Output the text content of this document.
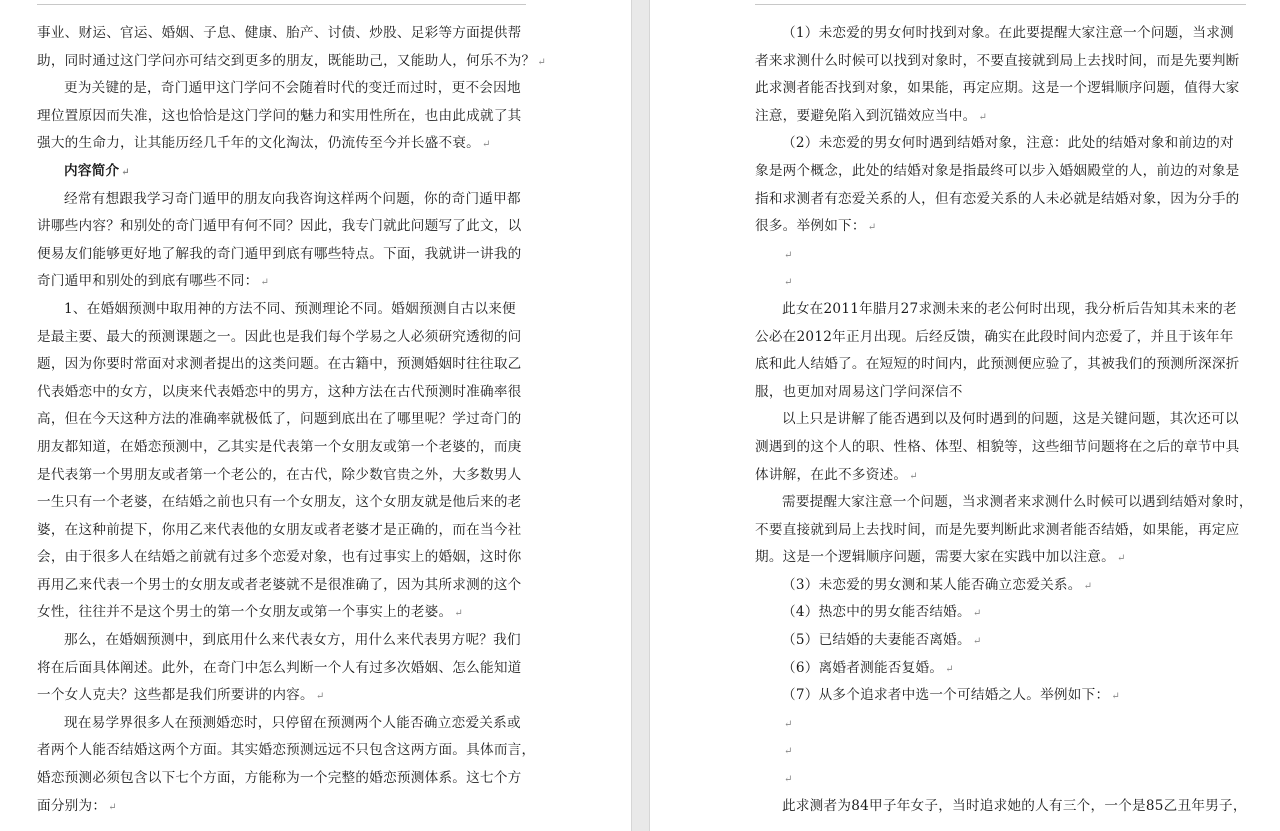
事业、财运、官运、婚姻、子息、健康、胎产、讨债、炒股、足彩等方面提供帮
助，同时通过这门学问亦可结交到更多的朋友，既能助己，又能助人，何乐不为？ ↵
更为关键的是，奇门遁甲这门学问不会随着时代的变迁而过时，更不会因地
理位置原因而失准，这也恰恰是这门学问的魅力和实用性所在，也由此成就了其
强大的生命力，让其能历经几千年的文化淘汰，仍流传至今并长盛不衰。 ↵
内容简介 ↵
经常有想跟我学习奇门遁甲的朋友向我咨询这样两个问题，你的奇门遁甲都
讲哪些内容？和别处的奇门遁甲有何不同？因此，我专门就此问题写了此文，以
便易友们能够更好地了解我的奇门遁甲到底有哪些特点。下面，我就讲一讲我的
奇门遁甲和别处的到底有哪些不同： ↵
1、在婚姻预测中取用神的方法不同、预测理论不同。婚姻预测自古以来便
是最主要、最大的预测课题之一。因此也是我们每个学易之人必须研究透彻的问
题，因为你要时常面对求测者提出的这类问题。在古籍中，预测婚姻时往往取乙
代表婚恋中的女方，以庚来代表婚恋中的男方，这种方法在古代预测时准确率很
高，但在今天这种方法的准确率就极低了，问题到底出在了哪里呢？学过奇门的
朋友都知道，在婚恋预测中，乙其实是代表第一个女朋友或第一个老婆的，而庚
是代表第一个男朋友或者第一个老公的，在古代，除少数官贵之外，大多数男人
一生只有一个老婆，在结婚之前也只有一个女朋友，这个女朋友就是他后来的老
婆，在这种前提下，你用乙来代表他的女朋友或者老婆才是正确的，而在当今社
会，由于很多人在结婚之前就有过多个恋爱对象，也有过事实上的婚姻，这时你
再用乙来代表一个男士的女朋友或者老婆就不是很准确了，因为其所求测的这个
女性，往往并不是这个男士的第一个女朋友或第一个事实上的老婆。 ↵
那么，在婚姻预测中，到底用什么来代表女方，用什么来代表男方呢？我们
将在后面具体阐述。此外，在奇门中怎么判断一个人有过多次婚姻、怎么能知道
一个女人克夫？这些都是我们所要讲的内容。 ↵
现在易学界很多人在预测婚恋时，只停留在预测两个人能否确立恋爱关系或
者两个人能否结婚这两个方面。其实婚恋预测远远不只包含这两方面。具体而言，
婚恋预测必须包含以下七个方面，方能称为一个完整的婚恋预测体系。这七个方
面分别为： ↵
（1）未恋爱的男女何时找到对象。在此要提醒大家注意一个问题，当求测
者来求测什么时候可以找到对象时，不要直接就到局上去找时间，而是先要判断
此求测者能否找到对象，如果能，再定应期。这是一个逻辑顺序问题，值得大家
注意，要避免陷入到沉锚效应当中。 ↵
（2）未恋爱的男女何时遇到结婚对象，注意：此处的结婚对象和前边的对
象是两个概念，此处的结婚对象是指最终可以步入婚姻殿堂的人，前边的对象是
指和求测者有恋爱关系的人，但有恋爱关系的人未必就是结婚对象，因为分手的
很多。举例如下： ↵
↵
↵
此女在2011年腊月27求测未来的老公何时出现，我分析后告知其未来的老
公必在2012年正月出现。后经反馈，确实在此段时间内恋爱了，并且于该年年
底和此人结婚了。在短短的时间内，此预测便应验了，其被我们的预测所深深折
服，也更加对周易这门学问深信不
以上只是讲解了能否遇到以及何时遇到的问题，这是关键问题，其次还可以
测遇到的这个人的职、性格、体型、相貌等，这些细节问题将在之后的章节中具
体讲解，在此不多资述。 ↵
需要提醒大家注意一个问题，当求测者来求测什么时候可以遇到结婚对象时，
不要直接就到局上去找时间，而是先要判断此求测者能否结婚，如果能，再定应
期。这是一个逻辑顺序问题，需要大家在实践中加以注意。 ↵
（3）未恋爱的男女测和某人能否确立恋爱关系。 ↵
（4）热恋中的男女能否结婚。 ↵
（5）已结婚的夫妻能否离婚。 ↵
（6）离婚者测能否复婚。 ↵
（7）从多个追求者中选一个可结婚之人。举例如下： ↵
↵
↵
↵
此求测者为84甲子年女子，当时追求她的人有三个，一个是85乙丑年男子，
